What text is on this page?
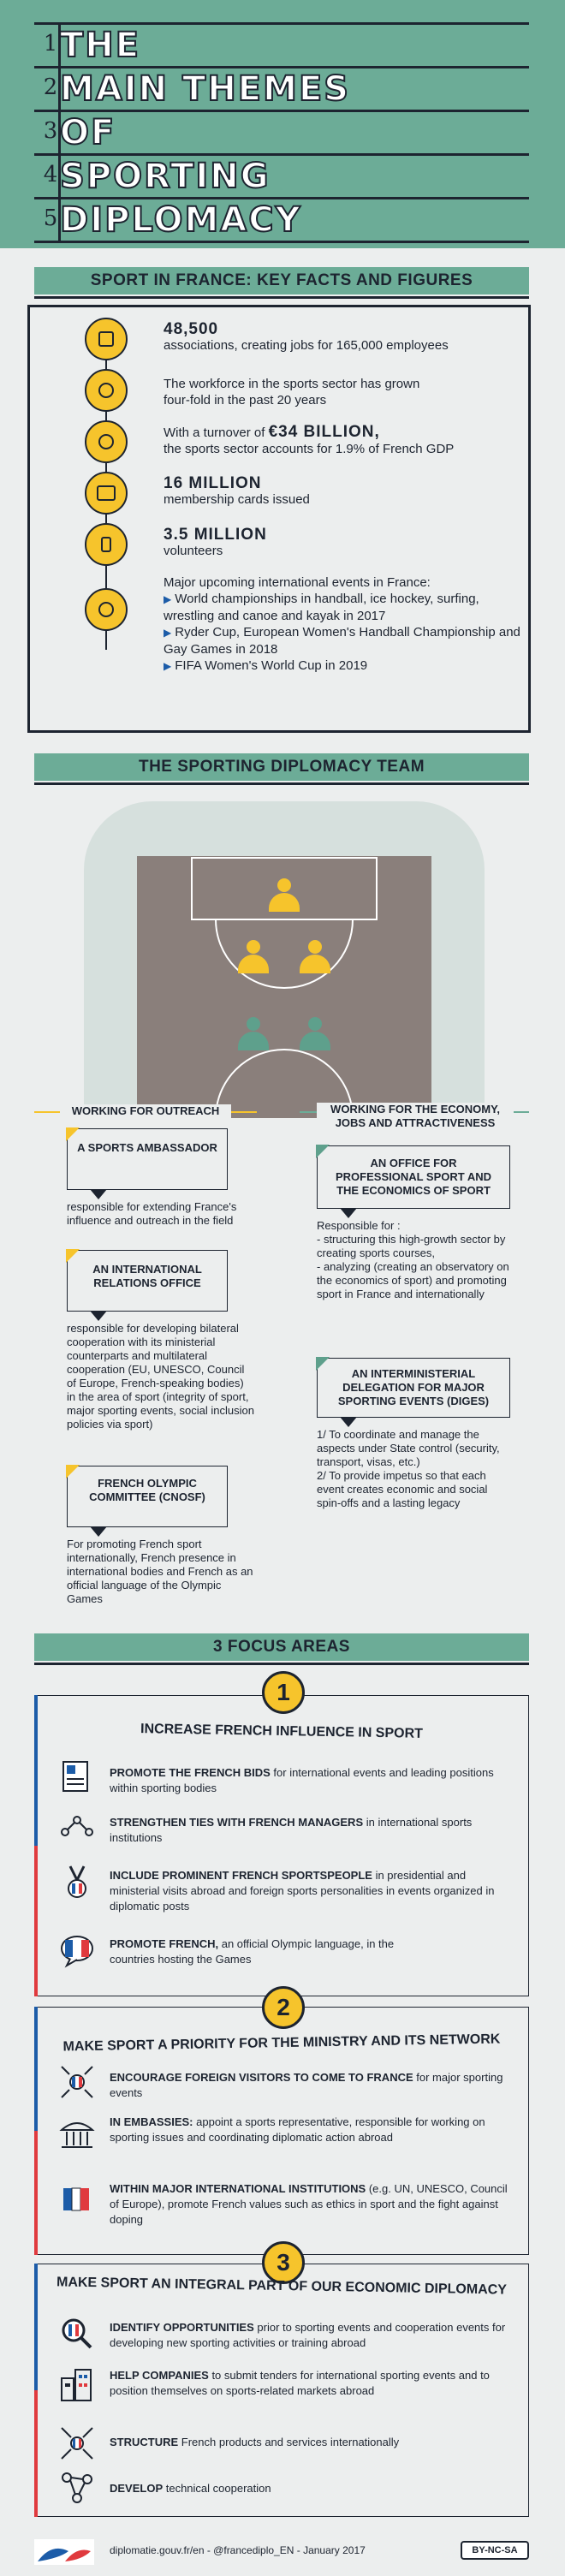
1 THE
2 MAIN THEMES
3 OF
4 SPORTING
5 DIPLOMACY
SPORT IN FRANCE: KEY FACTS AND FIGURES
48,500
associations, creating jobs for 165,000 employees
The workforce in the sports sector has grown four-fold in the past 20 years
With a turnover of €34 BILLION,
the sports sector accounts for 1.9% of French GDP
16 MILLION
membership cards issued
3.5 MILLION
volunteers
Major upcoming international events in France:
▶ World championships in handball, ice hockey, surfing, wrestling and canoe and kayak in 2017
▶ Ryder Cup, European Women's Handball Championship and Gay Games in 2018
▶ FIFA Women's World Cup in 2019
THE SPORTING DIPLOMACY TEAM
WORKING FOR OUTREACH
A SPORTS AMBASSADOR
responsible for extending France's influence and outreach in the field
AN INTERNATIONAL RELATIONS OFFICE
responsible for developing bilateral cooperation with its ministerial counterparts and multilateral cooperation (EU, UNESCO, Council of Europe, French-speaking bodies) in the area of sport (integrity of sport, major sporting events, social inclusion policies via sport)
FRENCH OLYMPIC COMMITTEE (CNOSF)
For promoting French sport internationally, French presence in international bodies and French as an official language of the Olympic Games
WORKING FOR THE ECONOMY, JOBS AND ATTRACTIVENESS
AN OFFICE FOR PROFESSIONAL SPORT AND THE ECONOMICS OF SPORT
Responsible for :
- structuring this high-growth sector by creating sports courses,
- analyzing (creating an observatory on the economics of sport) and promoting sport in France and internationally
AN INTERMINISTERIAL DELEGATION FOR MAJOR SPORTING EVENTS (DIGES)
1/ To coordinate and manage the aspects under State control (security, transport, visas, etc.)
2/ To provide impetus so that each event creates economic and social spin-offs and a lasting legacy
3 FOCUS AREAS
1
INCREASE FRENCH INFLUENCE IN SPORT
PROMOTE THE FRENCH BIDS for international events and leading positions within sporting bodies
STRENGTHEN TIES WITH FRENCH MANAGERS in international sports institutions
INCLUDE PROMINENT FRENCH SPORTSPEOPLE in presidential and ministerial visits abroad and foreign sports personalities in events organized in diplomatic posts
PROMOTE FRENCH, an official Olympic language, in the countries hosting the Games
2
MAKE SPORT A PRIORITY FOR THE MINISTRY AND ITS NETWORK
ENCOURAGE FOREIGN VISITORS TO COME TO FRANCE for major sporting events
IN EMBASSIES: appoint a sports representative, responsible for working on sporting issues and coordinating diplomatic action abroad
WITHIN MAJOR INTERNATIONAL INSTITUTIONS (e.g. UN, UNESCO, Council of Europe), promote French values such as ethics in sport and the fight against doping
3
MAKE SPORT AN INTEGRAL PART OF OUR ECONOMIC DIPLOMACY
IDENTIFY OPPORTUNITIES prior to sporting events and cooperation events for developing new sporting activities or training abroad
HELP COMPANIES to submit tenders for international sporting events and to position themselves on sports-related markets abroad
STRUCTURE French products and services internationally
DEVELOP technical cooperation
diplomatie.gouv.fr/en - @francediplo_EN - January 2017	BY-NC-SA
